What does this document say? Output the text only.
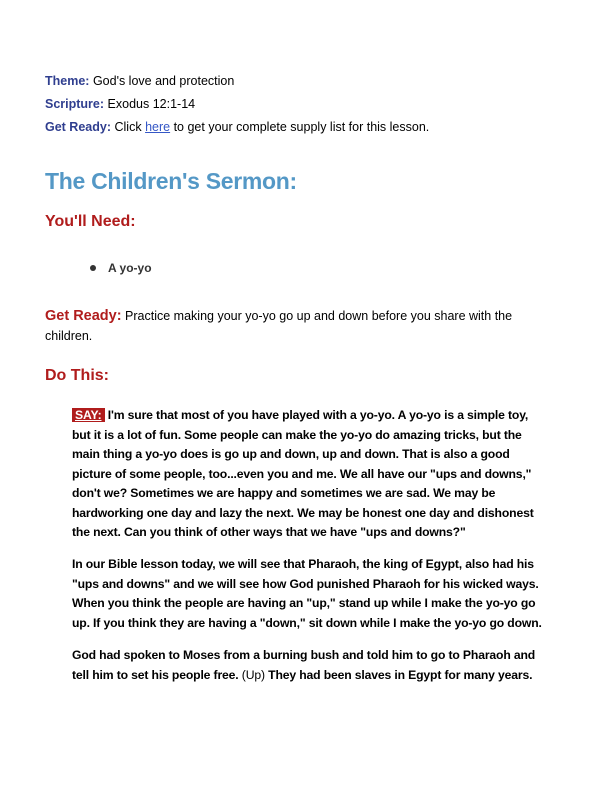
Theme: God's love and protection
Scripture: Exodus 12:1-14
Get Ready: Click here to get your complete supply list for this lesson.
The Children's Sermon:
You'll Need:
A yo-yo

Get Ready: Practice making your yo-yo go up and down before you share with the children.

Do This:

SAY: I'm sure that most of you have played with a yo-yo. A yo-yo is a simple toy, but it is a lot of fun. Some people can make the yo-yo do amazing tricks, but the main thing a yo-yo does is go up and down, up and down. That is also a good picture of some people, too...even you and me. We all have our "ups and downs," don't we? Sometimes we are happy and sometimes we are sad. We may be hardworking one day and lazy the next. We may be honest one day and dishonest the next. Can you think of other ways that we have "ups and downs?"

In our Bible lesson today, we will see that Pharaoh, the king of Egypt, also had his "ups and downs" and we will see how God punished Pharaoh for his wicked ways. When you think the people are having an "up," stand up while I make the yo-yo go up. If you think they are having a "down," sit down while I make the yo-yo go down.

God had spoken to Moses from a burning bush and told him to go to Pharaoh and tell him to set his people free. (Up) They had been slaves in Egypt for many years.
